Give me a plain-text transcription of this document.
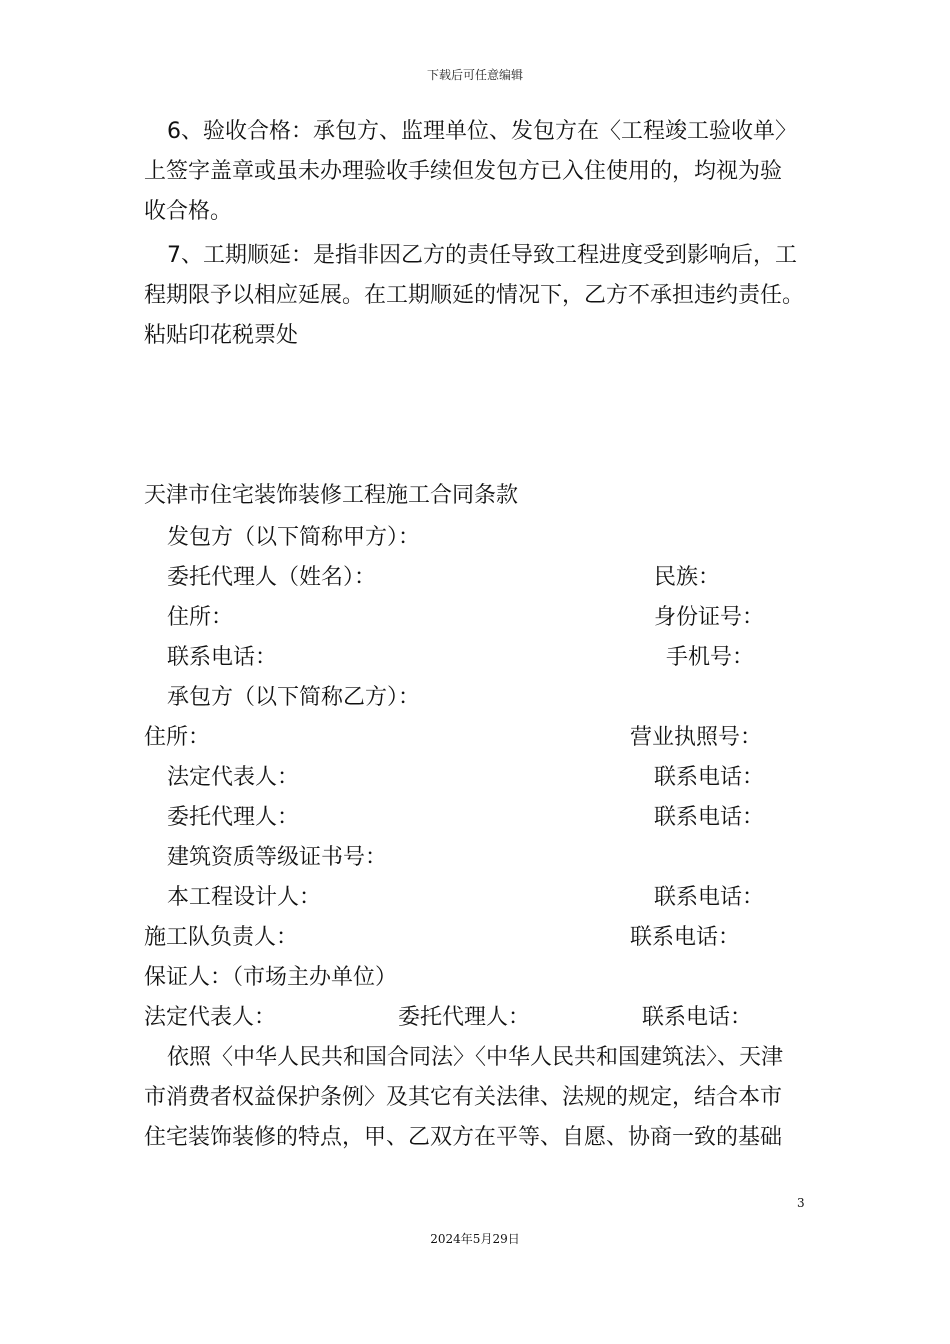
下载后可任意编辑
6、验收合格：承包方、监理单位、发包方在〈工程竣工验收单〉
上签字盖章或虽未办理验收手续但发包方已入住使用的，均视为验
收合格。
7、工期顺延：是指非因乙方的责任导致工程进度受到影响后，工
程期限予以相应延展。在工期顺延的情况下，乙方不承担违约责任。
粘贴印花税票处
天津市住宅装饰装修工程施工合同条款
发包方（以下简称甲方）：
委托代理人（姓名）：	民族：
住所：	身份证号：
联系电话：	手机号：
承包方（以下简称乙方）：
住所：	营业执照号：
法定代表人：	联系电话：
委托代理人：	联系电话：
建筑资质等级证书号：
本工程设计人：	联系电话：
施工队负责人：	联系电话：
保证人：（市场主办单位）
法定代表人：	委托代理人：	联系电话：
依照〈中华人民共和国合同法〉〈中华人民共和国建筑法〉、天津
市消费者权益保护条例〉及其它有关法律、法规的规定，结合本市
住宅装饰装修的特点，甲、乙双方在平等、自愿、协商一致的基础
3
2024年5月29日
